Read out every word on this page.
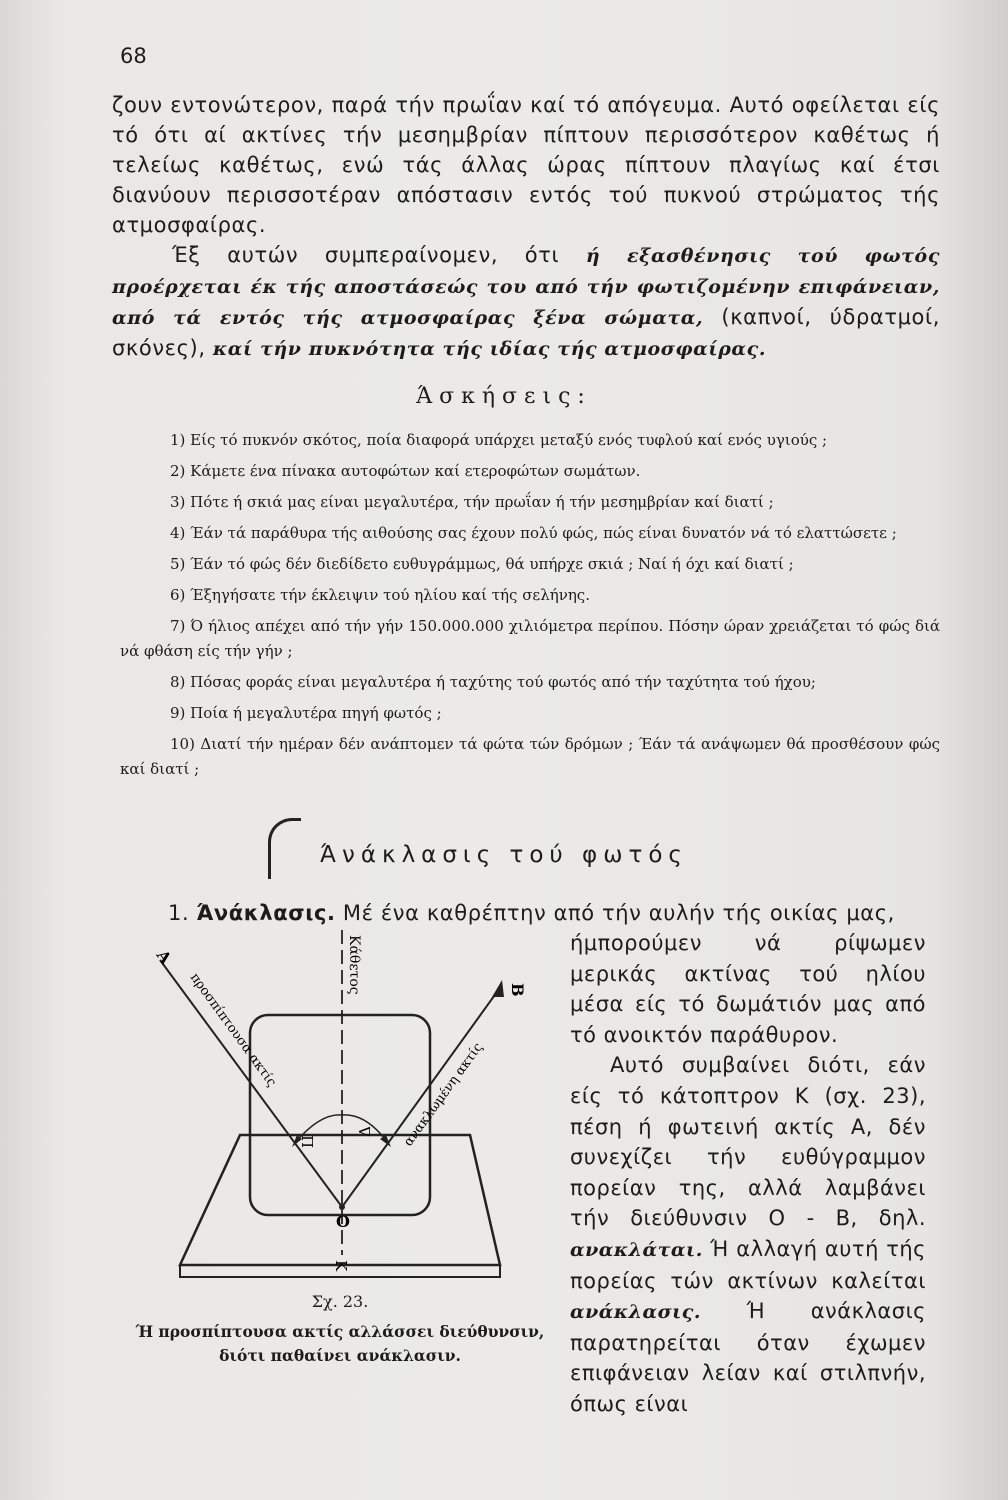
68

ζουν εντονώτερον, παρά τήν πρωΐαν καί τό απόγευμα. Αυτό οφείλεται είς τό ότι αί ακτίνες τήν μεσημβρίαν πίπτουν περισσότερον καθέτως ή τελείως καθέτως, ενώ τάς άλλας ώρας πίπτουν πλαγίως καί έτσι διανύουν περισσοτέραν απόστασιν εντός τού πυκνού στρώματος τής ατμοσφαίρας.

Έξ αυτών συμπεραίνομεν, ότι ή εξασθένησις τού φωτός προέρχεται έκ τής αποστάσεώς του από τήν φωτιζομένην επιφάνειαν, από τά εντός τής ατμοσφαίρας ξένα σώματα, (καπνοί, ύδρατμοί, σκόνες), καί τήν πυκνότητα τής ιδίας τής ατμοσφαίρας.

Άσκήσεις:

1) Είς τό πυκνόν σκότος, ποία διαφορά υπάρχει μεταξύ ενός τυφλού καί ενός υγιούς ;

2) Κάμετε ένα πίνακα αυτοφώτων καί ετεροφώτων σωμάτων.

3) Πότε ή σκιά μας είναι μεγαλυτέρα, τήν πρωΐαν ή τήν μεσημβρίαν καί διατί ;

4) Έάν τά παράθυρα τής αιθούσης σας έχουν πολύ φώς, πώς είναι δυνατόν νά τό ελαττώσετε ;

5) Έάν τό φώς δέν διεδίδετο ευθυγράμμως, θά υπήρχε σκιά ; Ναί ή όχι καί διατί ;

6) Έξηγήσατε τήν έκλειψιν τού ηλίου καί τής σελήνης.

7) Ό ήλιος απέχει από τήν γήν 150.000.000 χιλιόμετρα περίπου. Πόσην ώραν χρειάζεται τό φώς διά νά φθάση είς τήν γήν ;

8) Πόσας φοράς είναι μεγαλυτέρα ή ταχύτης τού φωτός από τήν ταχύτητα τού ήχου;

9) Ποία ή μεγαλυτέρα πηγή φωτός ;

10) Διατί τήν ημέραν δέν ανάπτομεν τά φώτα τών δρόμων ; Έάν τά ανάψωμεν θά προσθέσουν φώς καί διατί ;

Άνάκλασις τού φωτός
1. Άνάκλασις. Μέ ένα καθρέπτην από τήν αυλήν τής οικίας μας,

ήμπορούμεν νά ρίψωμεν μερικάς ακτίνας τού ηλίου μέσα είς τό δωμάτιόν μας από τό ανοικτόν παράθυρον.

Αυτό συμβαίνει διότι, εάν είς τό κάτοπτρον Κ (σχ. 23), πέση ή φωτεινή ακτίς Α, δέν συνεχίζει τήν ευθύγραμμον πορείαν της, αλλά λαμβάνει τήν διεύθυνσιν Ο - Β, δηλ. ανακλάται. Ή αλλαγή αυτή τής πορείας τών ακτίνων καλείται ανάκλασις. Ή ανάκλασις παρατηρείται όταν έχωμεν επιφάνειαν λείαν καί στιλπνήν, όπως είναι

Α
Β
Ο
Κ
Κάθετος
προσπίπτουσα ακτίς
ανακλωμένη ακτίς
Π
Δ
Σχ. 23.
Ή προσπίπτουσα ακτίς αλλάσσει διεύθυνσιν, διότι παθαίνει ανάκλασιν.
